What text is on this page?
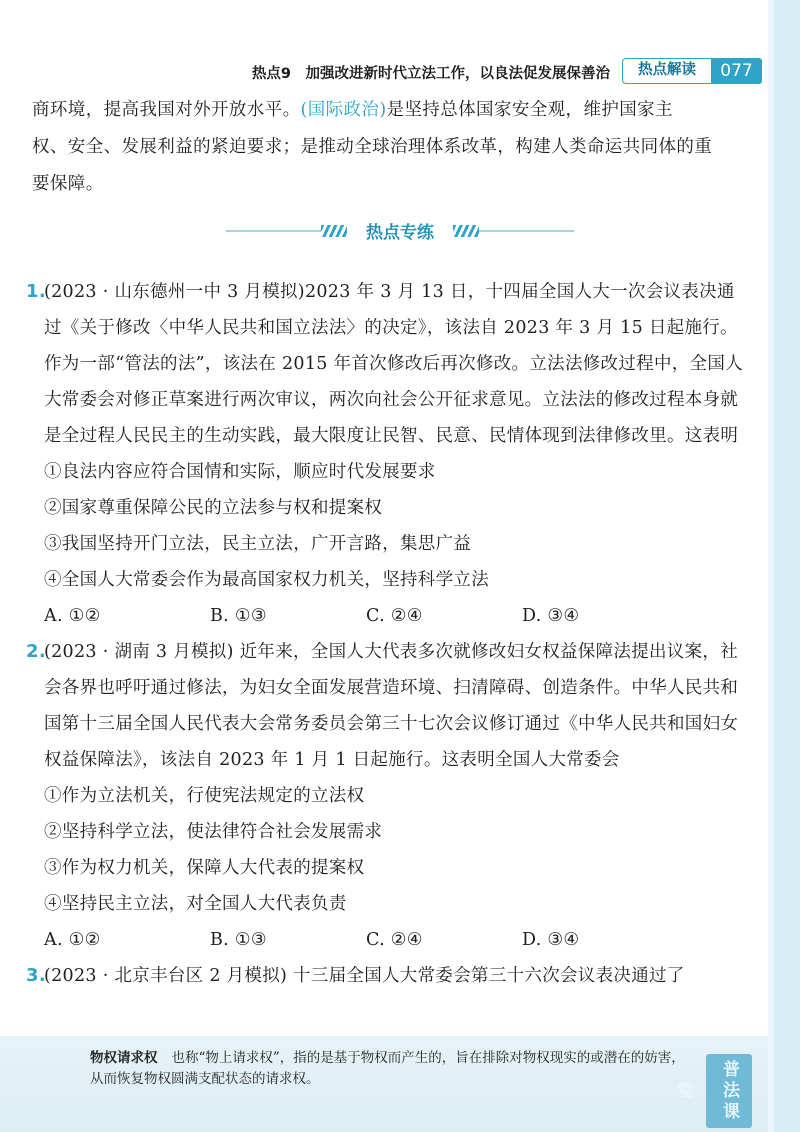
热点9　加强改进新时代立法工作，以良法促发展保善治	热点解读	077

商环境，提高我国对外开放水平。(国际政治)是坚持总体国家安全观，维护国家主

权、安全、发展利益的紧迫要求；是推动全球治理体系改革，构建人类命运共同体的重

要保障。

热点专练
1.

(2023 · 山东德州一中 3 月模拟)2023 年 3 月 13 日，十四届全国人大一次会议表决通过《关于修改〈中华人民共和国立法法〉的决定》，该法自 2023 年 3 月 15 日起施行。作为一部“管法的法”，该法在 2015 年首次修改后再次修改。立法法修改过程中，全国人大常委会对修正草案进行两次审议，两次向社会公开征求意见。立法法的修改过程本身就是全过程人民民主的生动实践，最大限度让民智、民意、民情体现到法律修改里。这表明

①良法内容应符合国情和实际，顺应时代发展要求

②国家尊重保障公民的立法参与权和提案权

③我国坚持开门立法，民主立法，广开言路，集思广益

④全国人大常委会作为最高国家权力机关，坚持科学立法

A. ①②	B. ①③	C. ②④	D. ③④
2.

(2023 · 湖南 3 月模拟) 近年来，全国人大代表多次就修改妇女权益保障法提出议案，社会各界也呼吁通过修法，为妇女全面发展营造环境、扫清障碍、创造条件。中华人民共和国第十三届全国人民代表大会常务委员会第三十七次会议修订通过《中华人民共和国妇女权益保障法》，该法自 2023 年 1 月 1 日起施行。这表明全国人大常委会

①作为立法机关，行使宪法规定的立法权

②坚持科学立法，使法律符合社会发展需求

③作为权力机关，保障人大代表的提案权

④坚持民主立法，对全国人大代表负责

A. ①②	B. ①③	C. ②④	D. ③④
3.

(2023 · 北京丰台区 2 月模拟) 十三届全国人大常委会第三十六次会议表决通过了

物权请求权 也称“物上请求权”，指的是基于物权而产生的，旨在排除对物权现实的或潜在的妨害，从而恢复物权圆满支配状态的请求权。	普法课堂
